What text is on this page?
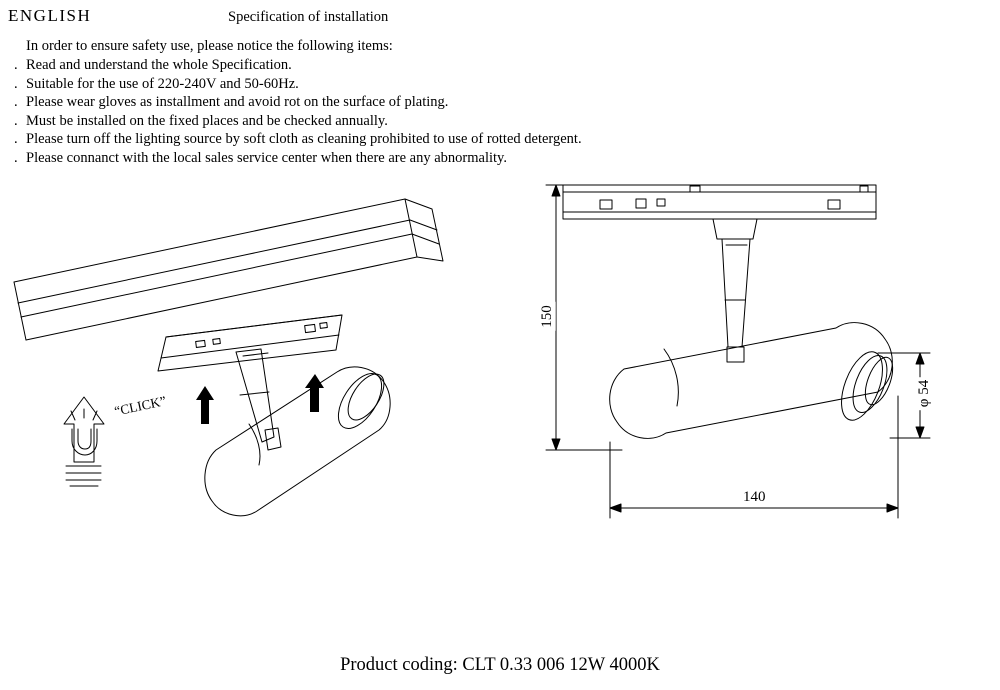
ENGLISH	Specification of installation
In order to ensure safety use, please notice the following items:
. Read and understand the whole Specification.
. Suitable for the use of 220-240V and 50-60Hz.
. Please wear gloves as installment and avoid rot on the surface of plating.
. Must be installed on the fixed places and be checked annually.
. Please turn off the lighting source by soft cloth as cleaning prohibited to use of rotted detergent.
. Please connanct with the local sales service center when there are any abnormality.
“CLICK”
150
140
φ 54
Product coding: CLT 0.33 006 12W 4000K
